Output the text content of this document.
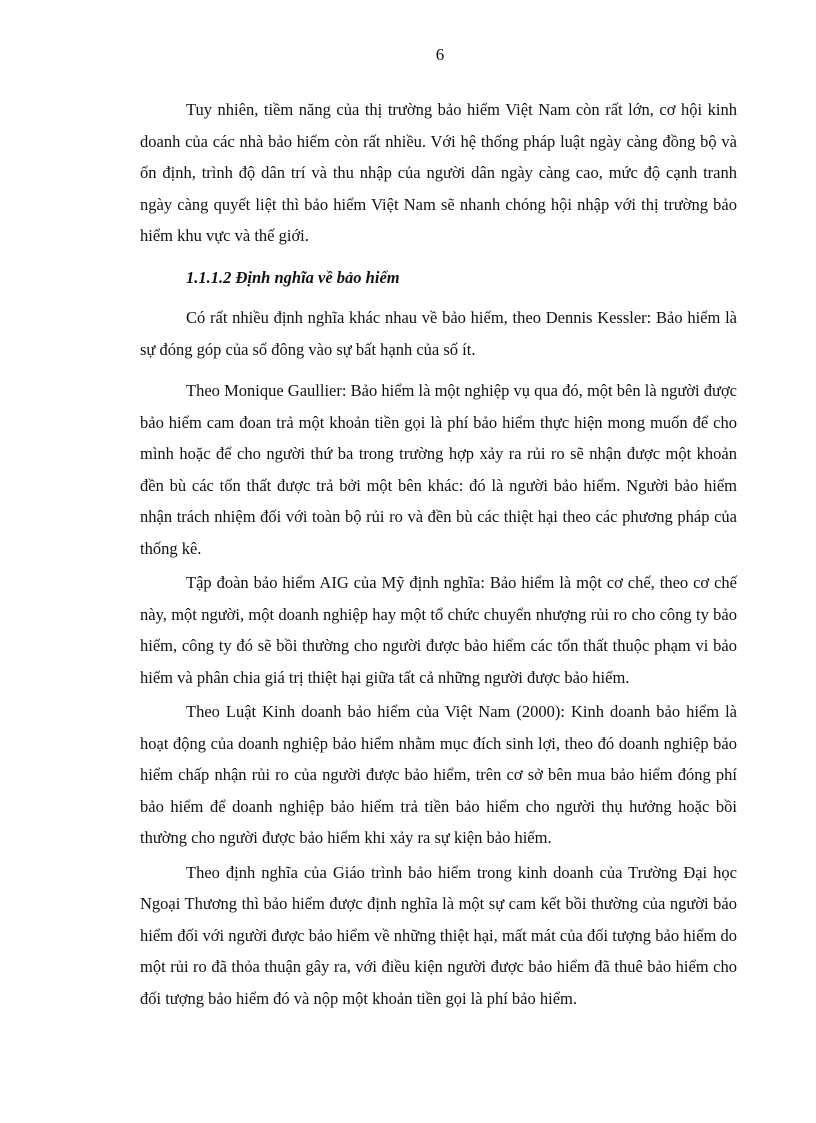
6

Tuy nhiên, tiềm năng của thị trường bảo hiểm Việt Nam còn rất lớn, cơ hội kinh doanh của các nhà bảo hiểm còn rất nhiều. Với hệ thống pháp luật ngày càng đồng bộ và ổn định, trình độ dân trí và thu nhập của người dân ngày càng cao, mức độ cạnh tranh ngày càng quyết liệt thì bảo hiểm Việt Nam sẽ nhanh chóng hội nhập với thị trường bảo hiểm khu vực và thế giới.

1.1.1.2 Định nghĩa về bảo hiểm

Có rất nhiều định nghĩa khác nhau về bảo hiểm, theo Dennis Kessler: Bảo hiểm là sự đóng góp của số đông vào sự bất hạnh của số ít.

Theo Monique Gaullier: Bảo hiểm là một nghiệp vụ qua đó, một bên là người được bảo hiểm cam đoan trả một khoản tiền gọi là phí bảo hiểm thực hiện mong muốn để cho mình hoặc để cho người thứ ba trong trường hợp xảy ra rủi ro sẽ nhận được một khoản đền bù các tổn thất được trả bởi một bên khác: đó là người bảo hiểm. Người bảo hiểm nhận trách nhiệm đối với toàn bộ rủi ro và đền bù các thiệt hại theo các phương pháp của thống kê.

Tập đoàn bảo hiểm AIG của Mỹ định nghĩa: Bảo hiểm là một cơ chế, theo cơ chế này, một người, một doanh nghiệp hay một tổ chức chuyển nhượng rủi ro cho công ty bảo hiểm, công ty đó sẽ bồi thường cho người được bảo hiểm các tổn thất thuộc phạm vi bảo hiểm và phân chia giá trị thiệt hại giữa tất cả những người được bảo hiểm.

Theo Luật Kinh doanh bảo hiểm của Việt Nam (2000): Kinh doanh bảo hiểm là hoạt động của doanh nghiệp bảo hiểm nhằm mục đích sinh lợi, theo đó doanh nghiệp bảo hiểm chấp nhận rủi ro của người được bảo hiểm, trên cơ sở bên mua bảo hiểm đóng phí bảo hiểm để doanh nghiệp bảo hiểm trả tiền bảo hiểm cho người thụ hưởng hoặc bồi thường cho người được bảo hiểm khi xảy ra sự kiện bảo hiểm.

Theo định nghĩa của Giáo trình bảo hiểm trong kinh doanh của Trường Đại học Ngoại Thương thì bảo hiểm được định nghĩa là một sự cam kết bồi thường của người bảo hiểm đối với người được bảo hiểm về những thiệt hại, mất mát của đối tượng bảo hiểm do một rủi ro đã thỏa thuận gây ra, với điều kiện người được bảo hiểm đã thuê bảo hiểm cho đối tượng bảo hiểm đó và nộp một khoản tiền gọi là phí bảo hiểm.
